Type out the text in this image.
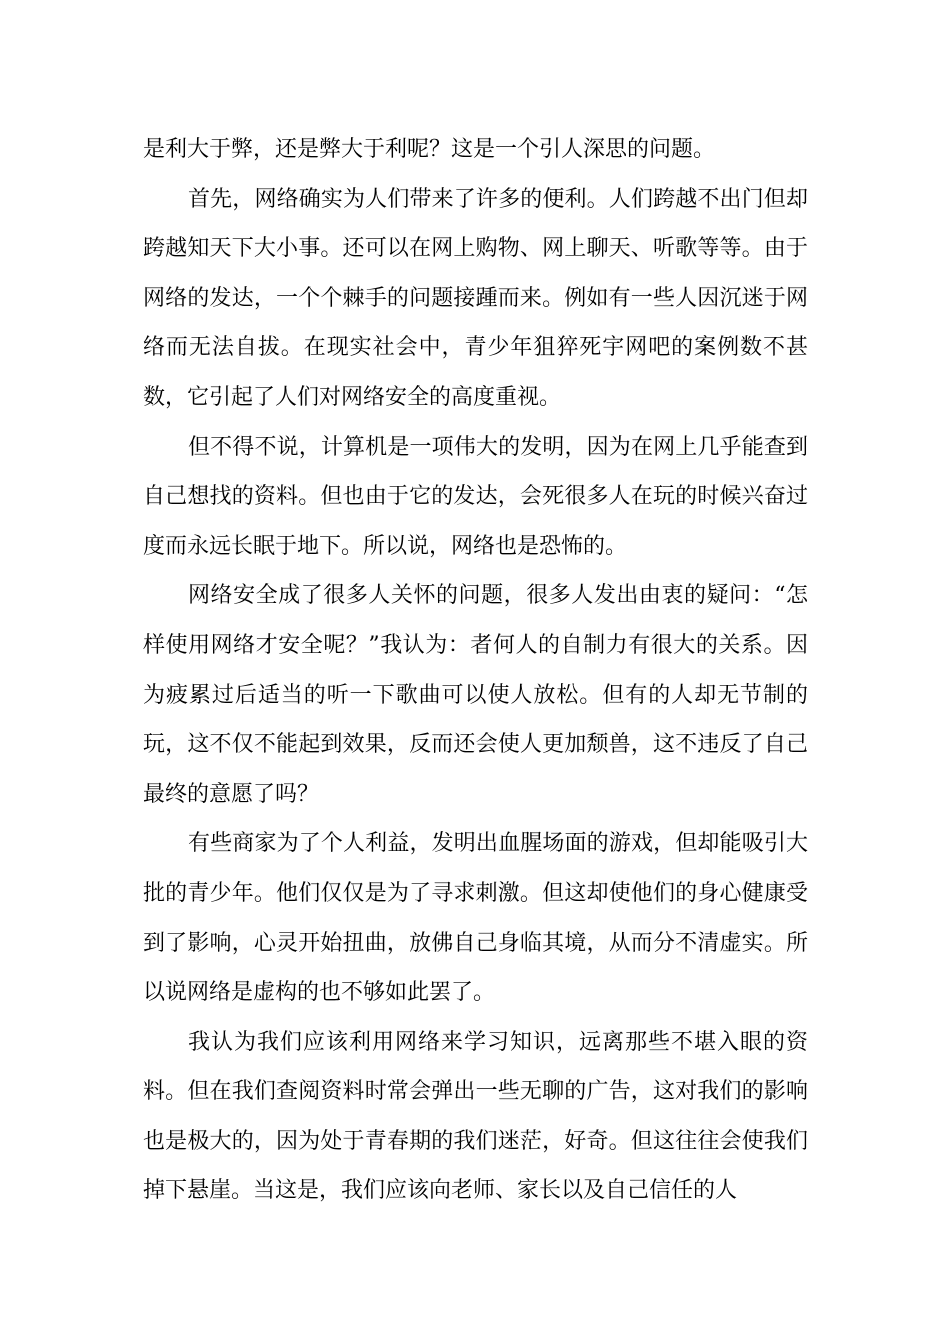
是利大于弊，还是弊大于利呢？这是一个引人深思的问题。

首先，网络确实为人们带来了许多的便利。人们跨越不出门但却跨越知天下大小事。还可以在网上购物、网上聊天、听歌等等。由于网络的发达，一个个棘手的问题接踵而来。例如有一些人因沉迷于网络而无法自拔。在现实社会中，青少年狙猝死宇网吧的案例数不甚数，它引起了人们对网络安全的高度重视。

但不得不说，计算机是一项伟大的发明，因为在网上几乎能查到自己想找的资料。但也由于它的发达，会死很多人在玩的时候兴奋过度而永远长眠于地下。所以说，网络也是恐怖的。

网络安全成了很多人关怀的问题，很多人发出由衷的疑问：“怎样使用网络才安全呢？”我认为：者何人的自制力有很大的关系。因为疲累过后适当的听一下歌曲可以使人放松。但有的人却无节制的玩，这不仅不能起到效果，反而还会使人更加颓兽，这不违反了自己最终的意愿了吗？

有些商家为了个人利益，发明出血腥场面的游戏，但却能吸引大批的青少年。他们仅仅是为了寻求刺激。但这却使他们的身心健康受到了影响，心灵开始扭曲，放佛自己身临其境，从而分不清虚实。所以说网络是虚构的也不够如此罢了。

我认为我们应该利用网络来学习知识，远离那些不堪入眼的资料。但在我们查阅资料时常会弹出一些无聊的广告，这对我们的影响也是极大的，因为处于青春期的我们迷茫，好奇。但这往往会使我们掉下悬崖。当这是，我们应该向老师、家长以及自己信任的人
